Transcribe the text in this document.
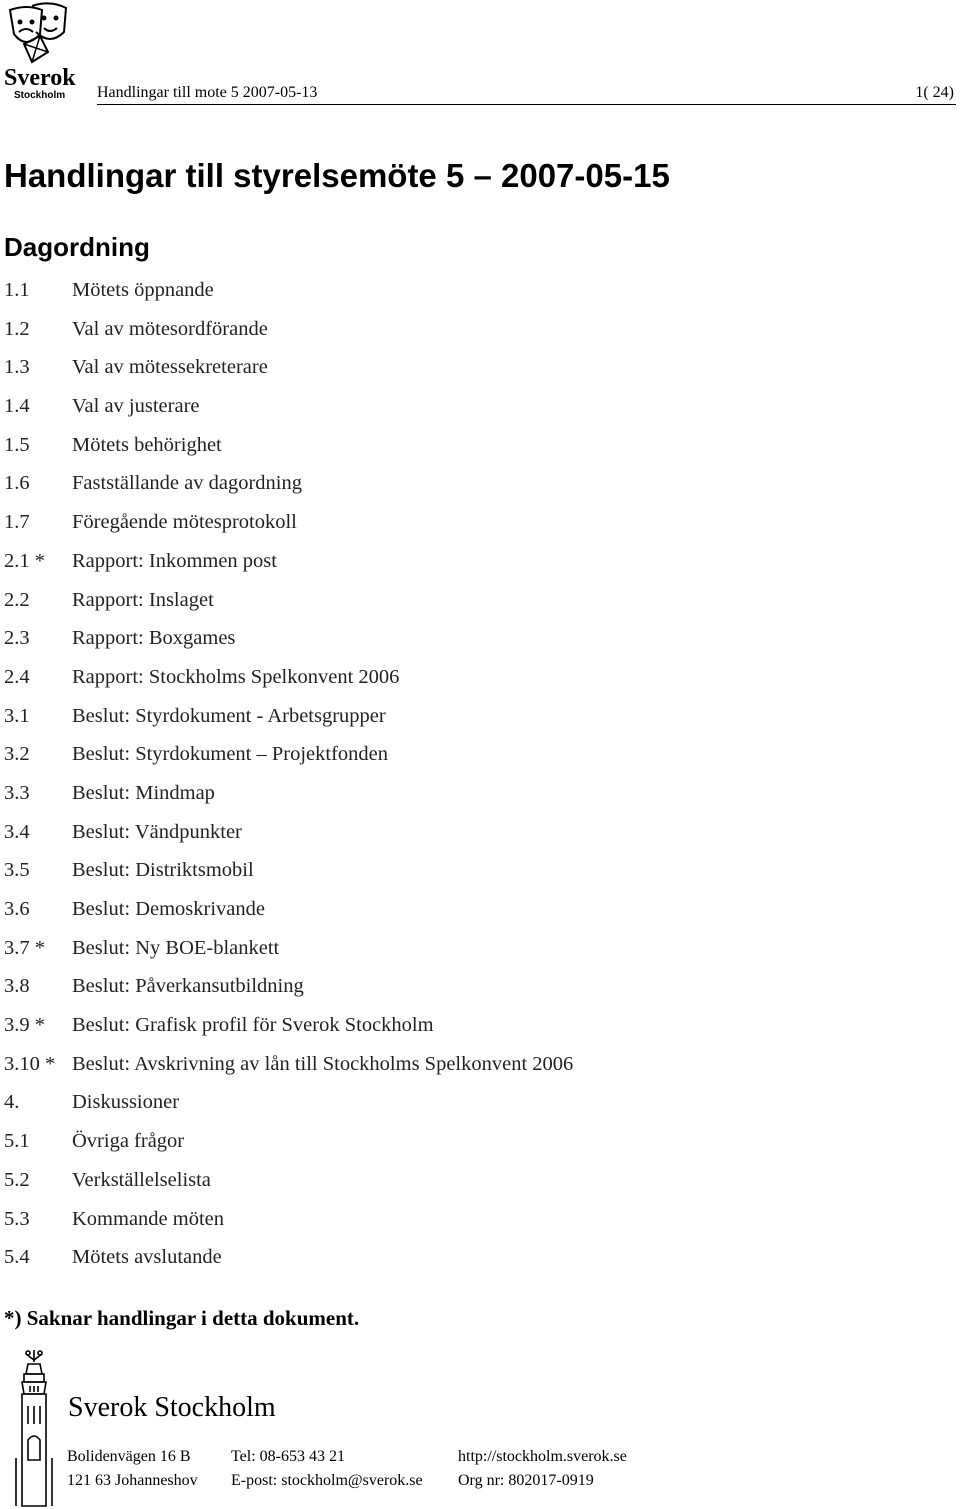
Sverok
Stockholm Handlingar till mote 5 2007-05-13	1( 24)
Handlingar till styrelsemöte 5 – 2007-05-15
Dagordning
1.1 Mötets öppnande
1.2 Val av mötesordförande
1.3 Val av mötessekreterare
1.4 Val av justerare
1.5 Mötets behörighet
1.6 Fastställande av dagordning
1.7 Föregående mötesprotokoll
2.1 * Rapport: Inkommen post
2.2 Rapport: Inslaget
2.3 Rapport: Boxgames
2.4 Rapport: Stockholms Spelkonvent 2006
3.1 Beslut: Styrdokument - Arbetsgrupper
3.2 Beslut: Styrdokument – Projektfonden
3.3 Beslut: Mindmap
3.4 Beslut: Vändpunkter
3.5 Beslut: Distriktsmobil
3.6 Beslut: Demoskrivande
3.7 * Beslut: Ny BOE-blankett
3.8 Beslut: Påverkansutbildning
3.9 * Beslut: Grafisk profil för Sverok Stockholm
3.10 * Beslut: Avskrivning av lån till Stockholms Spelkonvent 2006
4.	Diskussioner
5.1 Övriga frågor
5.2 Verkställelselista
5.3 Kommande möten
5.4 Mötets avslutande

*) Saknar handlingar i detta dokument.

Sverok Stockholm
Bolidenvägen 16 B
121 63 Johanneshov
Tel: 08-653 43 21
E-post: stockholm@sverok.se
http://stockholm.sverok.se
Org nr: 802017-0919
